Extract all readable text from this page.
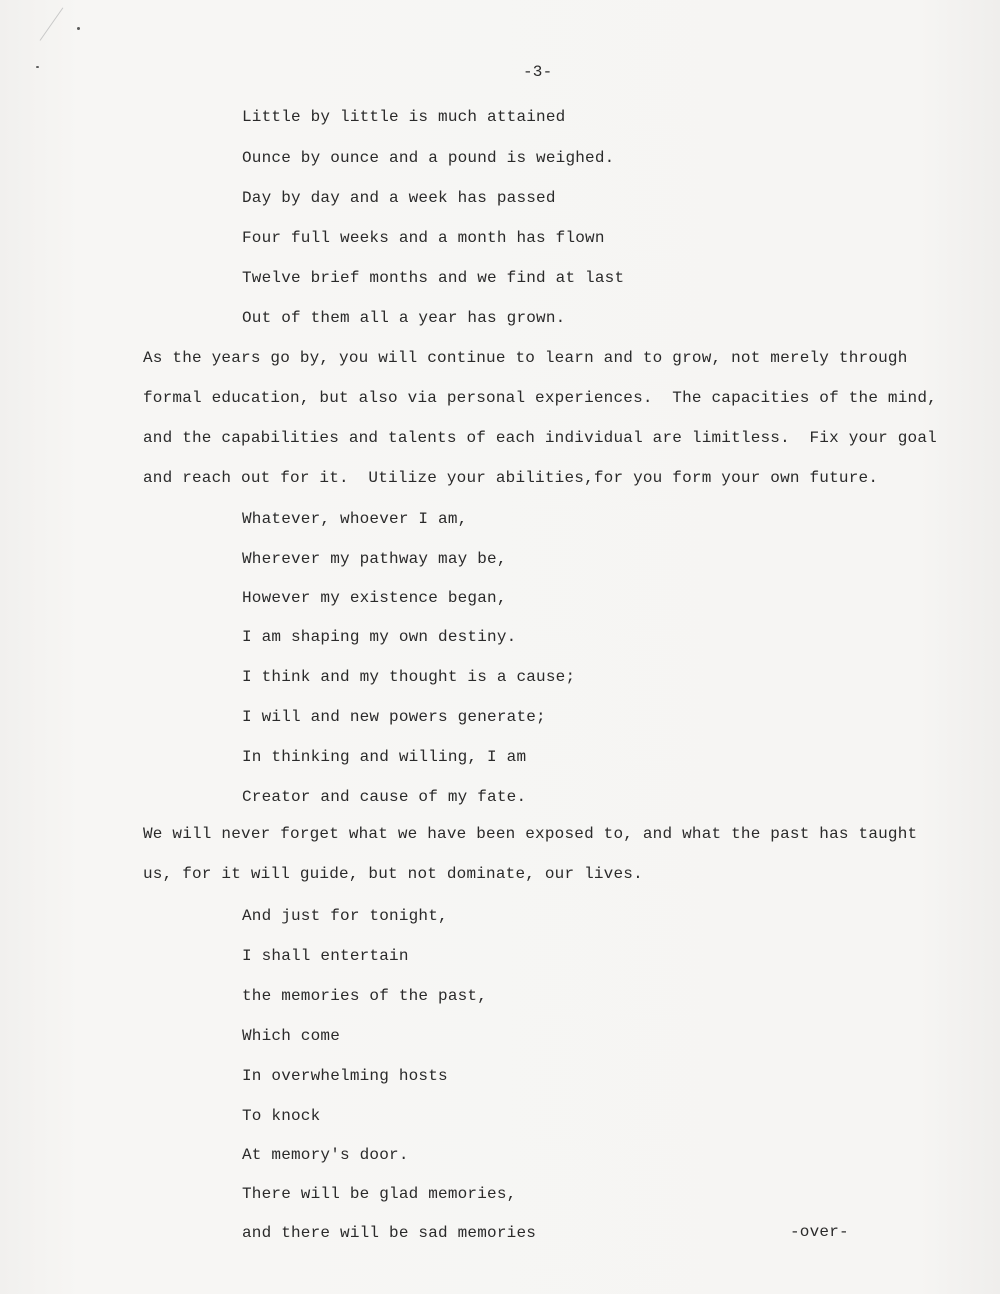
-3-
Little by little is much attained
Ounce by ounce and a pound is weighed.
Day by day and a week has passed
Four full weeks and a month has flown
Twelve brief months and we find at last
Out of them all a year has grown.
As the years go by, you will continue to learn and to grow, not merely through
formal education, but also via personal experiences.  The capacities of the mind,
and the capabilities and talents of each individual are limitless.  Fix your goal
and reach out for it.  Utilize your abilities,for you form your own future.
Whatever, whoever I am,
Wherever my pathway may be,
However my existence began,
I am shaping my own destiny.
I think and my thought is a cause;
I will and new powers generate;
In thinking and willing, I am
Creator and cause of my fate.
We will never forget what we have been exposed to, and what the past has taught
us, for it will guide, but not dominate, our lives.
And just for tonight,
I shall entertain
the memories of the past,
Which come
In overwhelming hosts
To knock
At memory's door.
There will be glad memories,
and there will be sad memories	-over-
